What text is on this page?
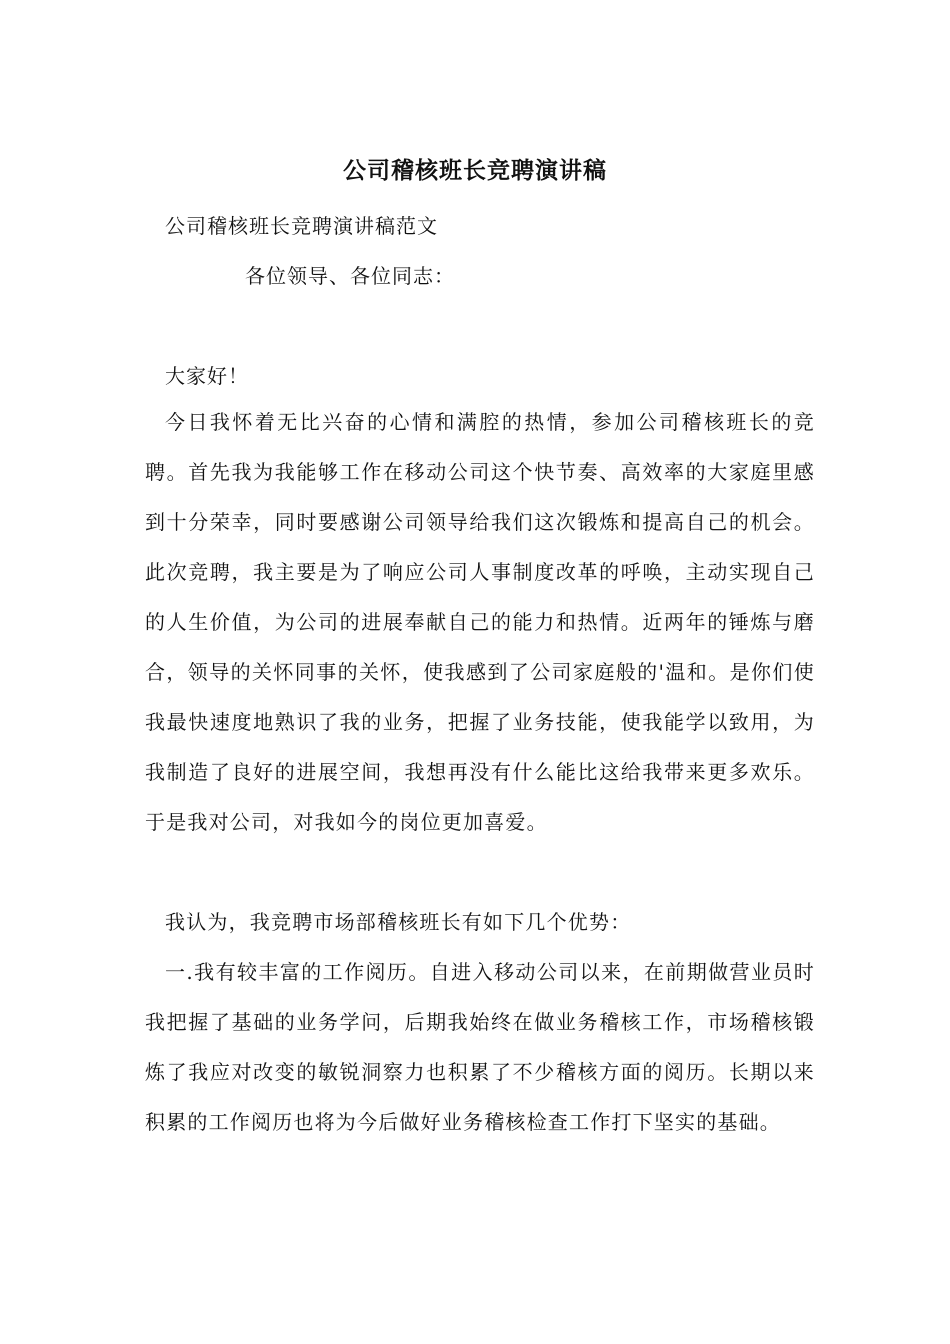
公司稽核班长竞聘演讲稿
公司稽核班长竞聘演讲稿范文
各位领导、各位同志：
大家好！

今日我怀着无比兴奋的心情和满腔的热情，参加公司稽核班长的竞聘。首先我为我能够工作在移动公司这个快节奏、高效率的大家庭里感到十分荣幸，同时要感谢公司领导给我们这次锻炼和提高自己的机会。此次竞聘，我主要是为了响应公司人事制度改革的呼唤，主动实现自己的人生价值，为公司的进展奉献自己的能力和热情。近两年的锤炼与磨合，领导的关怀同事的关怀，使我感到了公司家庭般的'温和。是你们使我最快速度地熟识了我的业务，把握了业务技能，使我能学以致用，为我制造了良好的进展空间，我想再没有什么能比这给我带来更多欢乐。于是我对公司，对我如今的岗位更加喜爱。

我认为，我竞聘市场部稽核班长有如下几个优势：

一.我有较丰富的工作阅历。自进入移动公司以来，在前期做营业员时我把握了基础的业务学问，后期我始终在做业务稽核工作，市场稽核锻炼了我应对改变的敏锐洞察力也积累了不少稽核方面的阅历。长期以来积累的工作阅历也将为今后做好业务稽核检查工作打下坚实的基础。
